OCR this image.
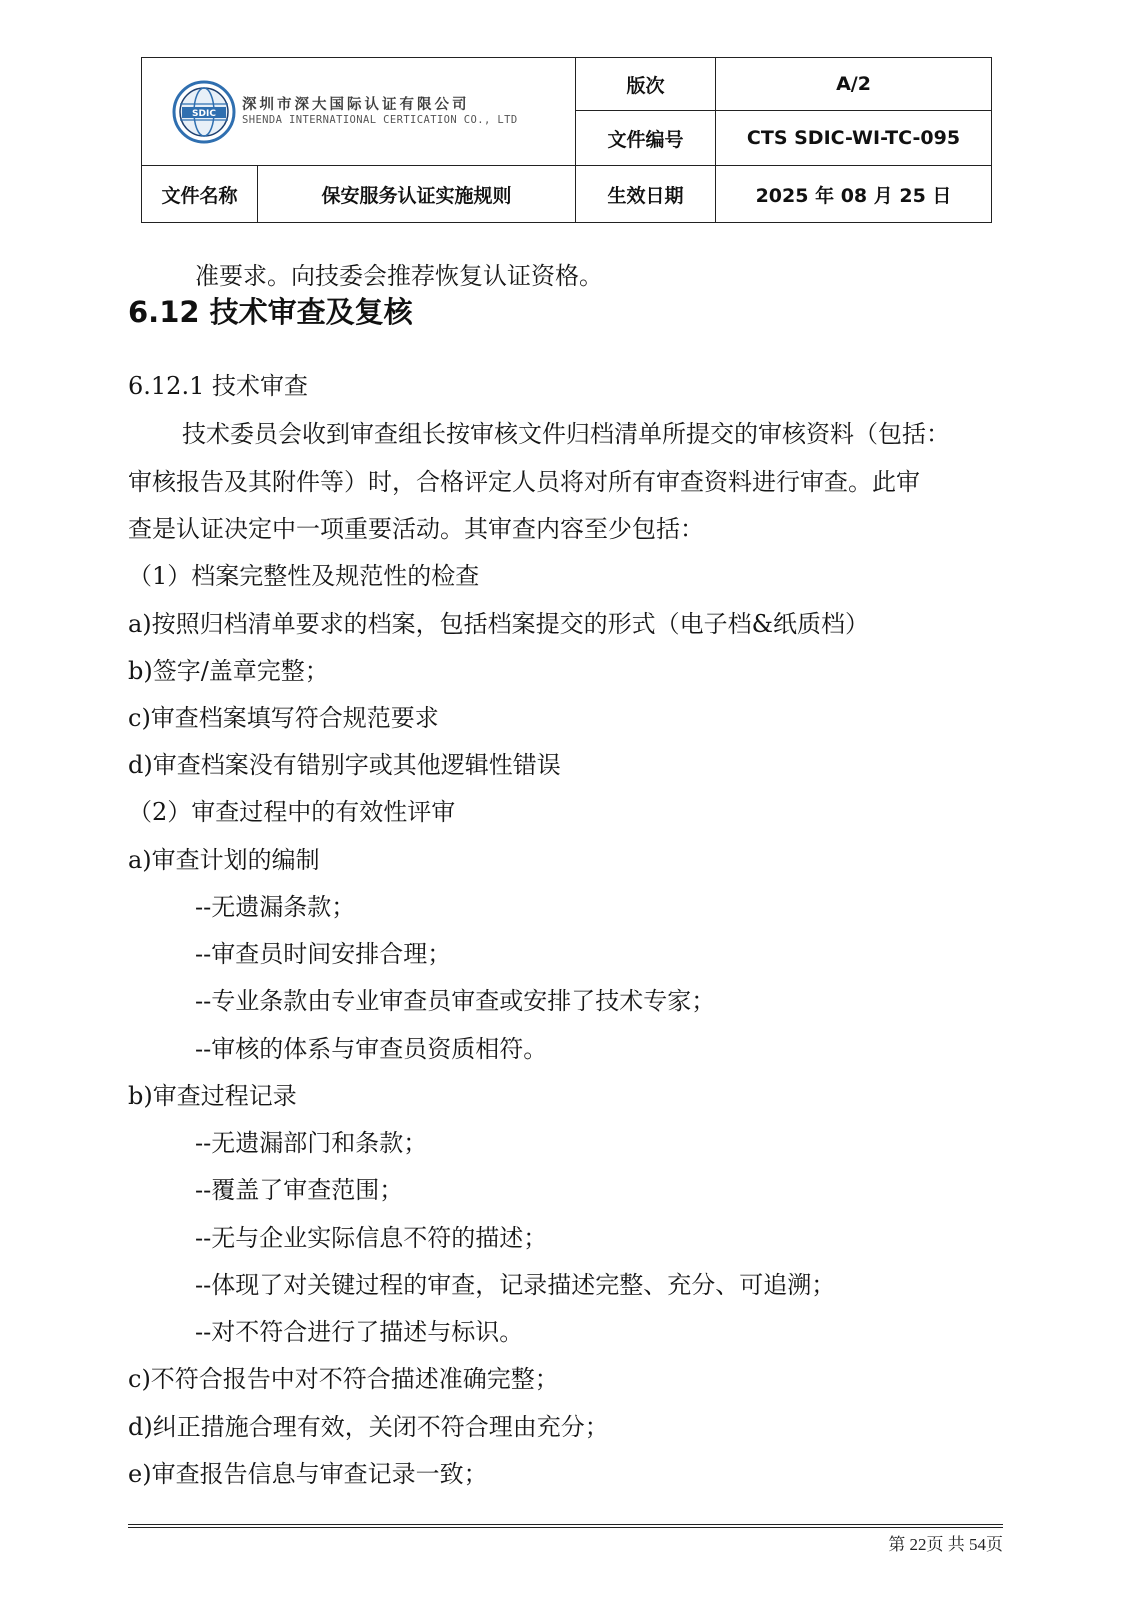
SDIC
深圳市深大国际认证有限公司
SHENDA INTERNATIONAL CERTICATION CO., LTD		版次	A/2
		文件编号	CTS SDIC-WI-TC-095
文件名称	保安服务认证实施规则	生效日期	2025 年 08 月 25 日
准要求。向技委会推荐恢复认证资格。
6.12 技术审查及复核
6.12.1 技术审查
技术委员会收到审查组长按审核文件归档清单所提交的审核资料（包括：
审核报告及其附件等）时，合格评定人员将对所有审查资料进行审查。此审
查是认证决定中一项重要活动。其审查内容至少包括：
（1）档案完整性及规范性的检查
a)按照归档清单要求的档案，包括档案提交的形式（电子档&纸质档）
b)签字/盖章完整；
c)审查档案填写符合规范要求
d)审查档案没有错别字或其他逻辑性错误
（2）审查过程中的有效性评审
a)审查计划的编制
--无遗漏条款；
--审查员时间安排合理；
--专业条款由专业审查员审查或安排了技术专家；
--审核的体系与审查员资质相符。
b)审查过程记录
--无遗漏部门和条款；
--覆盖了审查范围；
--无与企业实际信息不符的描述；
--体现了对关键过程的审查，记录描述完整、充分、可追溯；
--对不符合进行了描述与标识。
c)不符合报告中对不符合描述准确完整；
d)纠正措施合理有效，关闭不符合理由充分；
e)审查报告信息与审查记录一致；
第 22页 共 54页
